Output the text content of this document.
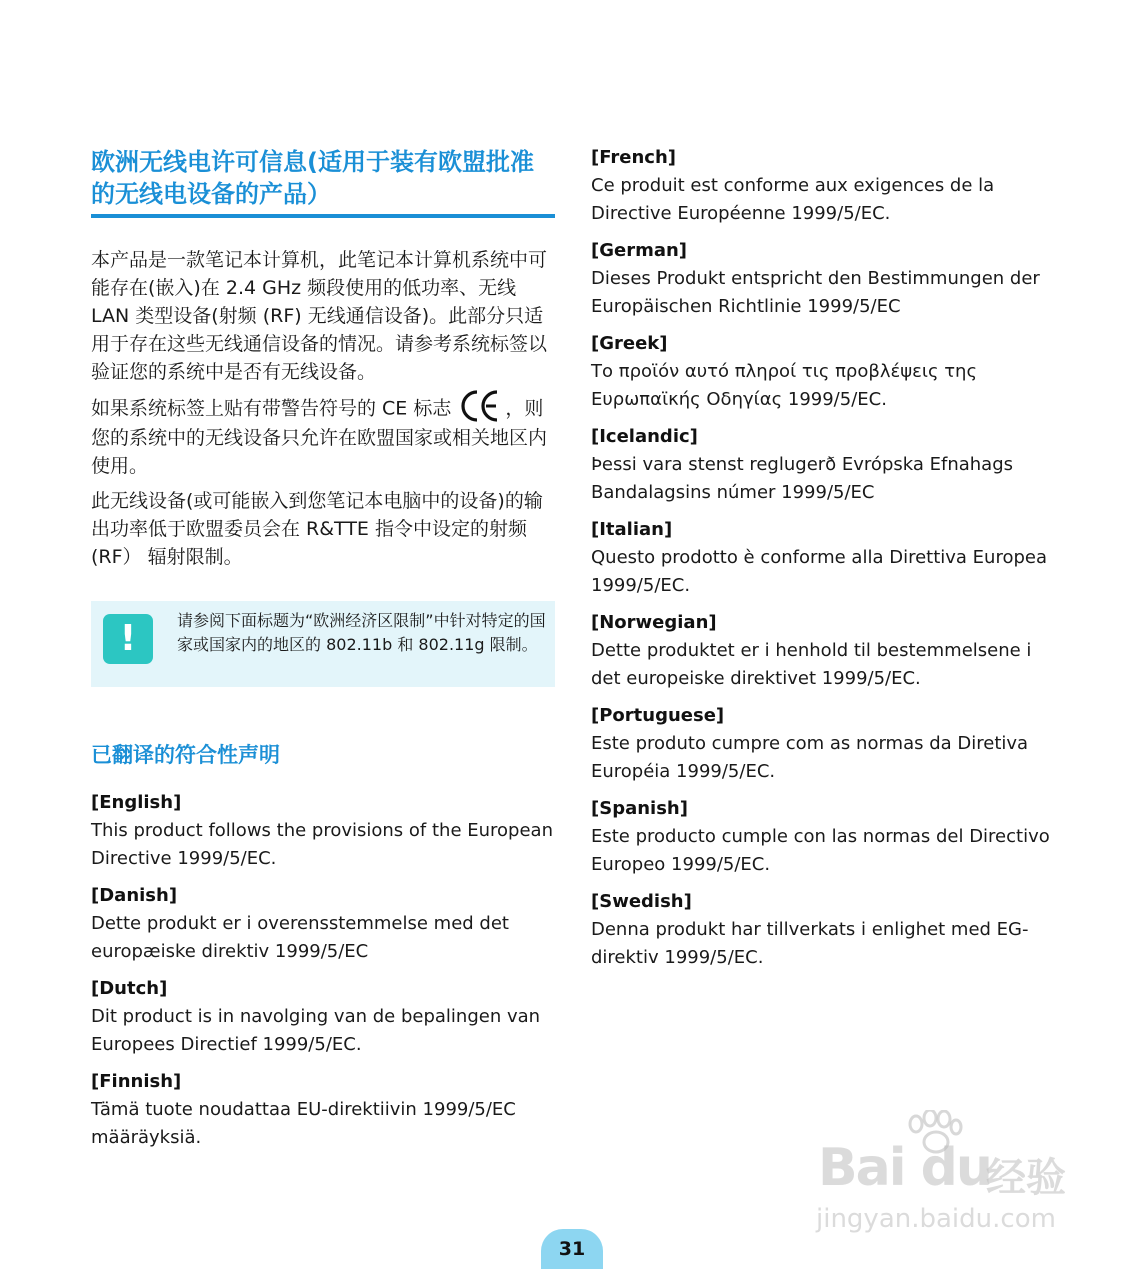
欧洲无线电许可信息(适用于装有欧盟批准的无线电设备的产品）
本产品是一款笔记本计算机，此笔记本计算机系统中可能存在(嵌入)在 2.4 GHz 频段使用的低功率、无线 LAN 类型设备(射频 (RF) 无线通信设备)。此部分只适用于存在这些无线通信设备的情况。请参考系统标签以验证您的系统中是否有无线设备。
如果系统标签上贴有带警告符号的 CE 标志	，则您的系统中的无线设备只允许在欧盟国家或相关地区内使用。
此无线设备(或可能嵌入到您笔记本电脑中的设备)的输出功率低于欧盟委员会在 R&TTE 指令中设定的射频 (RF） 辐射限制。
!	请参阅下面标题为“欧洲经济区限制”中针对特定的国家或国家内的地区的 802.11b 和 802.11g 限制。
已翻译的符合性声明
[English]
This product follows the provisions of the European Directive 1999/5/EC.
[Danish]
Dette produkt er i overensstemmelse med det europæiske direktiv 1999/5/EC
[Dutch]
Dit product is in navolging van de bepalingen van Europees Directief 1999/5/EC.
[Finnish]
Tämä tuote noudattaa EU-direktiivin 1999/5/EC määräyksiä.
[French]
Ce produit est conforme aux exigences de la Directive Européenne 1999/5/EC.
[German]
Dieses Produkt entspricht den Bestimmungen der Europäischen Richtlinie 1999/5/EC
[Greek]
Το προϊόν αυτό πληροί τις προβλέψεις της Ευρωπαϊκής Οδηγίας 1999/5/EC.
[Icelandic]
Þessi vara stenst reglugerð Evrópska Efnahags Bandalagsins númer 1999/5/EC
[Italian]
Questo prodotto è conforme alla Direttiva Europea 1999/5/EC.
[Norwegian]
Dette produktet er i henhold til bestemmelsene i det europeiske direktivet 1999/5/EC.
[Portuguese]
Este produto cumpre com as normas da Diretiva Européia 1999/5/EC.
[Spanish]
Este producto cumple con las normas del Directivo Europeo 1999/5/EC.
[Swedish]
Denna produkt har tillverkats i enlighet med EG-direktiv 1999/5/EC.
Bai du
经验
jingyan.baidu.com
31
